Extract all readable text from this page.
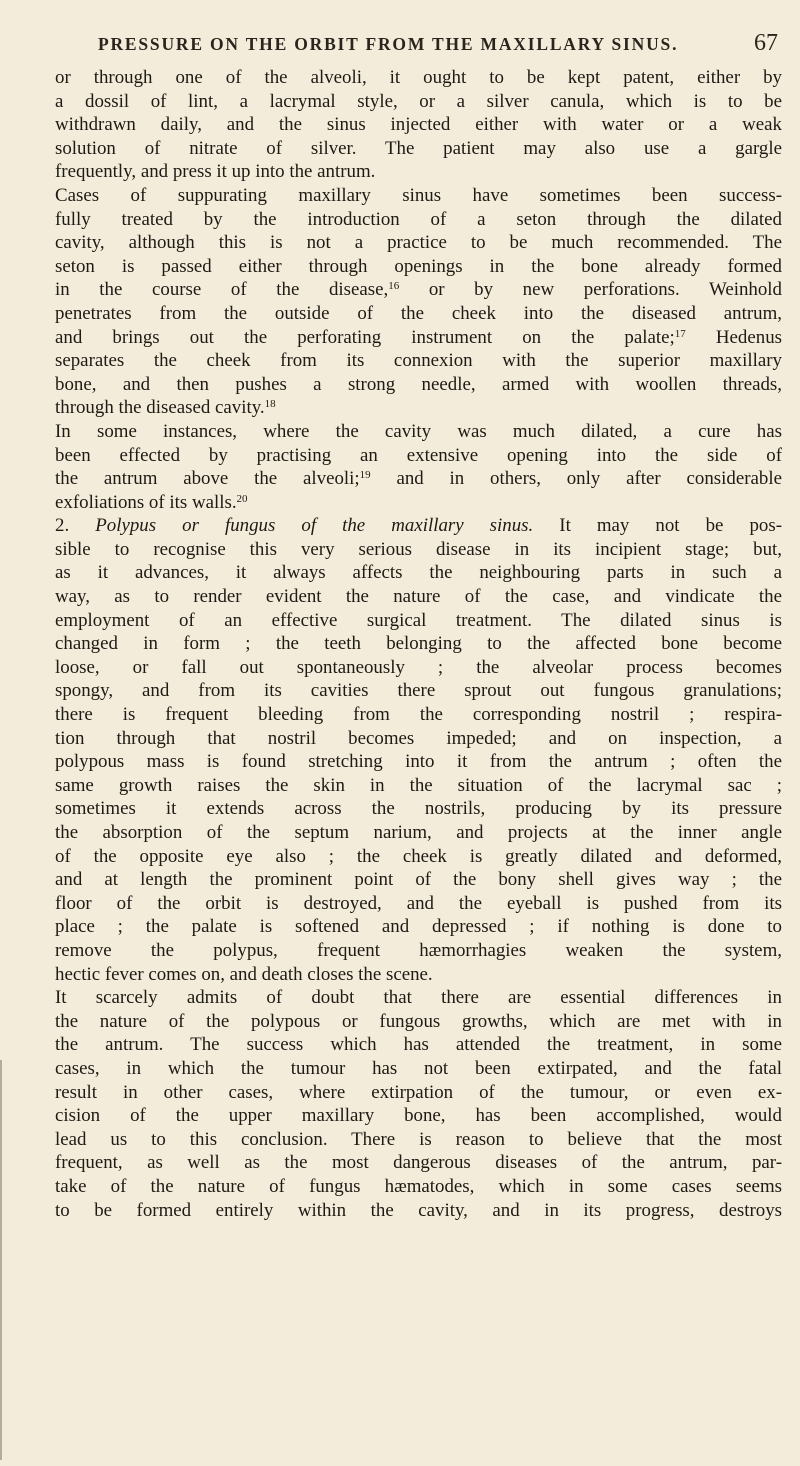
PRESSURE ON THE ORBIT FROM THE MAXILLARY SINUS.	67
or through one of the alveoli, it ought to be kept patent, either by
a dossil of lint, a lacrymal style, or a silver canula, which is to be
withdrawn daily, and the sinus injected either with water or a weak
solution of nitrate of silver. The patient may also use a gargle
frequently, and press it up into the antrum.
Cases of suppurating maxillary sinus have sometimes been success-
fully treated by the introduction of a seton through the dilated
cavity, although this is not a practice to be much recommended. The
seton is passed either through openings in the bone already formed
in the course of the disease,$^{16}$ or by new perforations. Weinhold
penetrates from the outside of the cheek into the diseased antrum,
and brings out the perforating instrument on the palate;$^{17}$ Hedenus
separates the cheek from its connexion with the superior maxillary
bone, and then pushes a strong needle, armed with woollen threads,
through the diseased cavity.$^{18}$
In some instances, where the cavity was much dilated, a cure has
been effected by practising an extensive opening into the side of
the antrum above the alveoli;$^{19}$ and in others, only after considerable
exfoliations of its walls.$^{20}$
2. Polypus or fungus of the maxillary sinus. It may not be pos-
sible to recognise this very serious disease in its incipient stage; but,
as it advances, it always affects the neighbouring parts in such a
way, as to render evident the nature of the case, and vindicate the
employment of an effective surgical treatment. The dilated sinus is
changed in form ; the teeth belonging to the affected bone become
loose, or fall out spontaneously ; the alveolar process becomes
spongy, and from its cavities there sprout out fungous granulations;
there is frequent bleeding from the corresponding nostril ; respira-
tion through that nostril becomes impeded; and on inspection, a
polypous mass is found stretching into it from the antrum ; often the
same growth raises the skin in the situation of the lacrymal sac ;
sometimes it extends across the nostrils, producing by its pressure
the absorption of the septum narium, and projects at the inner angle
of the opposite eye also ; the cheek is greatly dilated and deformed,
and at length the prominent point of the bony shell gives way ; the
floor of the orbit is destroyed, and the eyeball is pushed from its
place ; the palate is softened and depressed ; if nothing is done to
remove the polypus, frequent hæmorrhagies weaken the system,
hectic fever comes on, and death closes the scene.
It scarcely admits of doubt that there are essential differences in
the nature of the polypous or fungous growths, which are met with in
the antrum. The success which has attended the treatment, in some
cases, in which the tumour has not been extirpated, and the fatal
result in other cases, where extirpation of the tumour, or even ex-
cision of the upper maxillary bone, has been accomplished, would
lead us to this conclusion. There is reason to believe that the most
frequent, as well as the most dangerous diseases of the antrum, par-
take of the nature of fungus hæmatodes, which in some cases seems
to be formed entirely within the cavity, and in its progress, destroys
